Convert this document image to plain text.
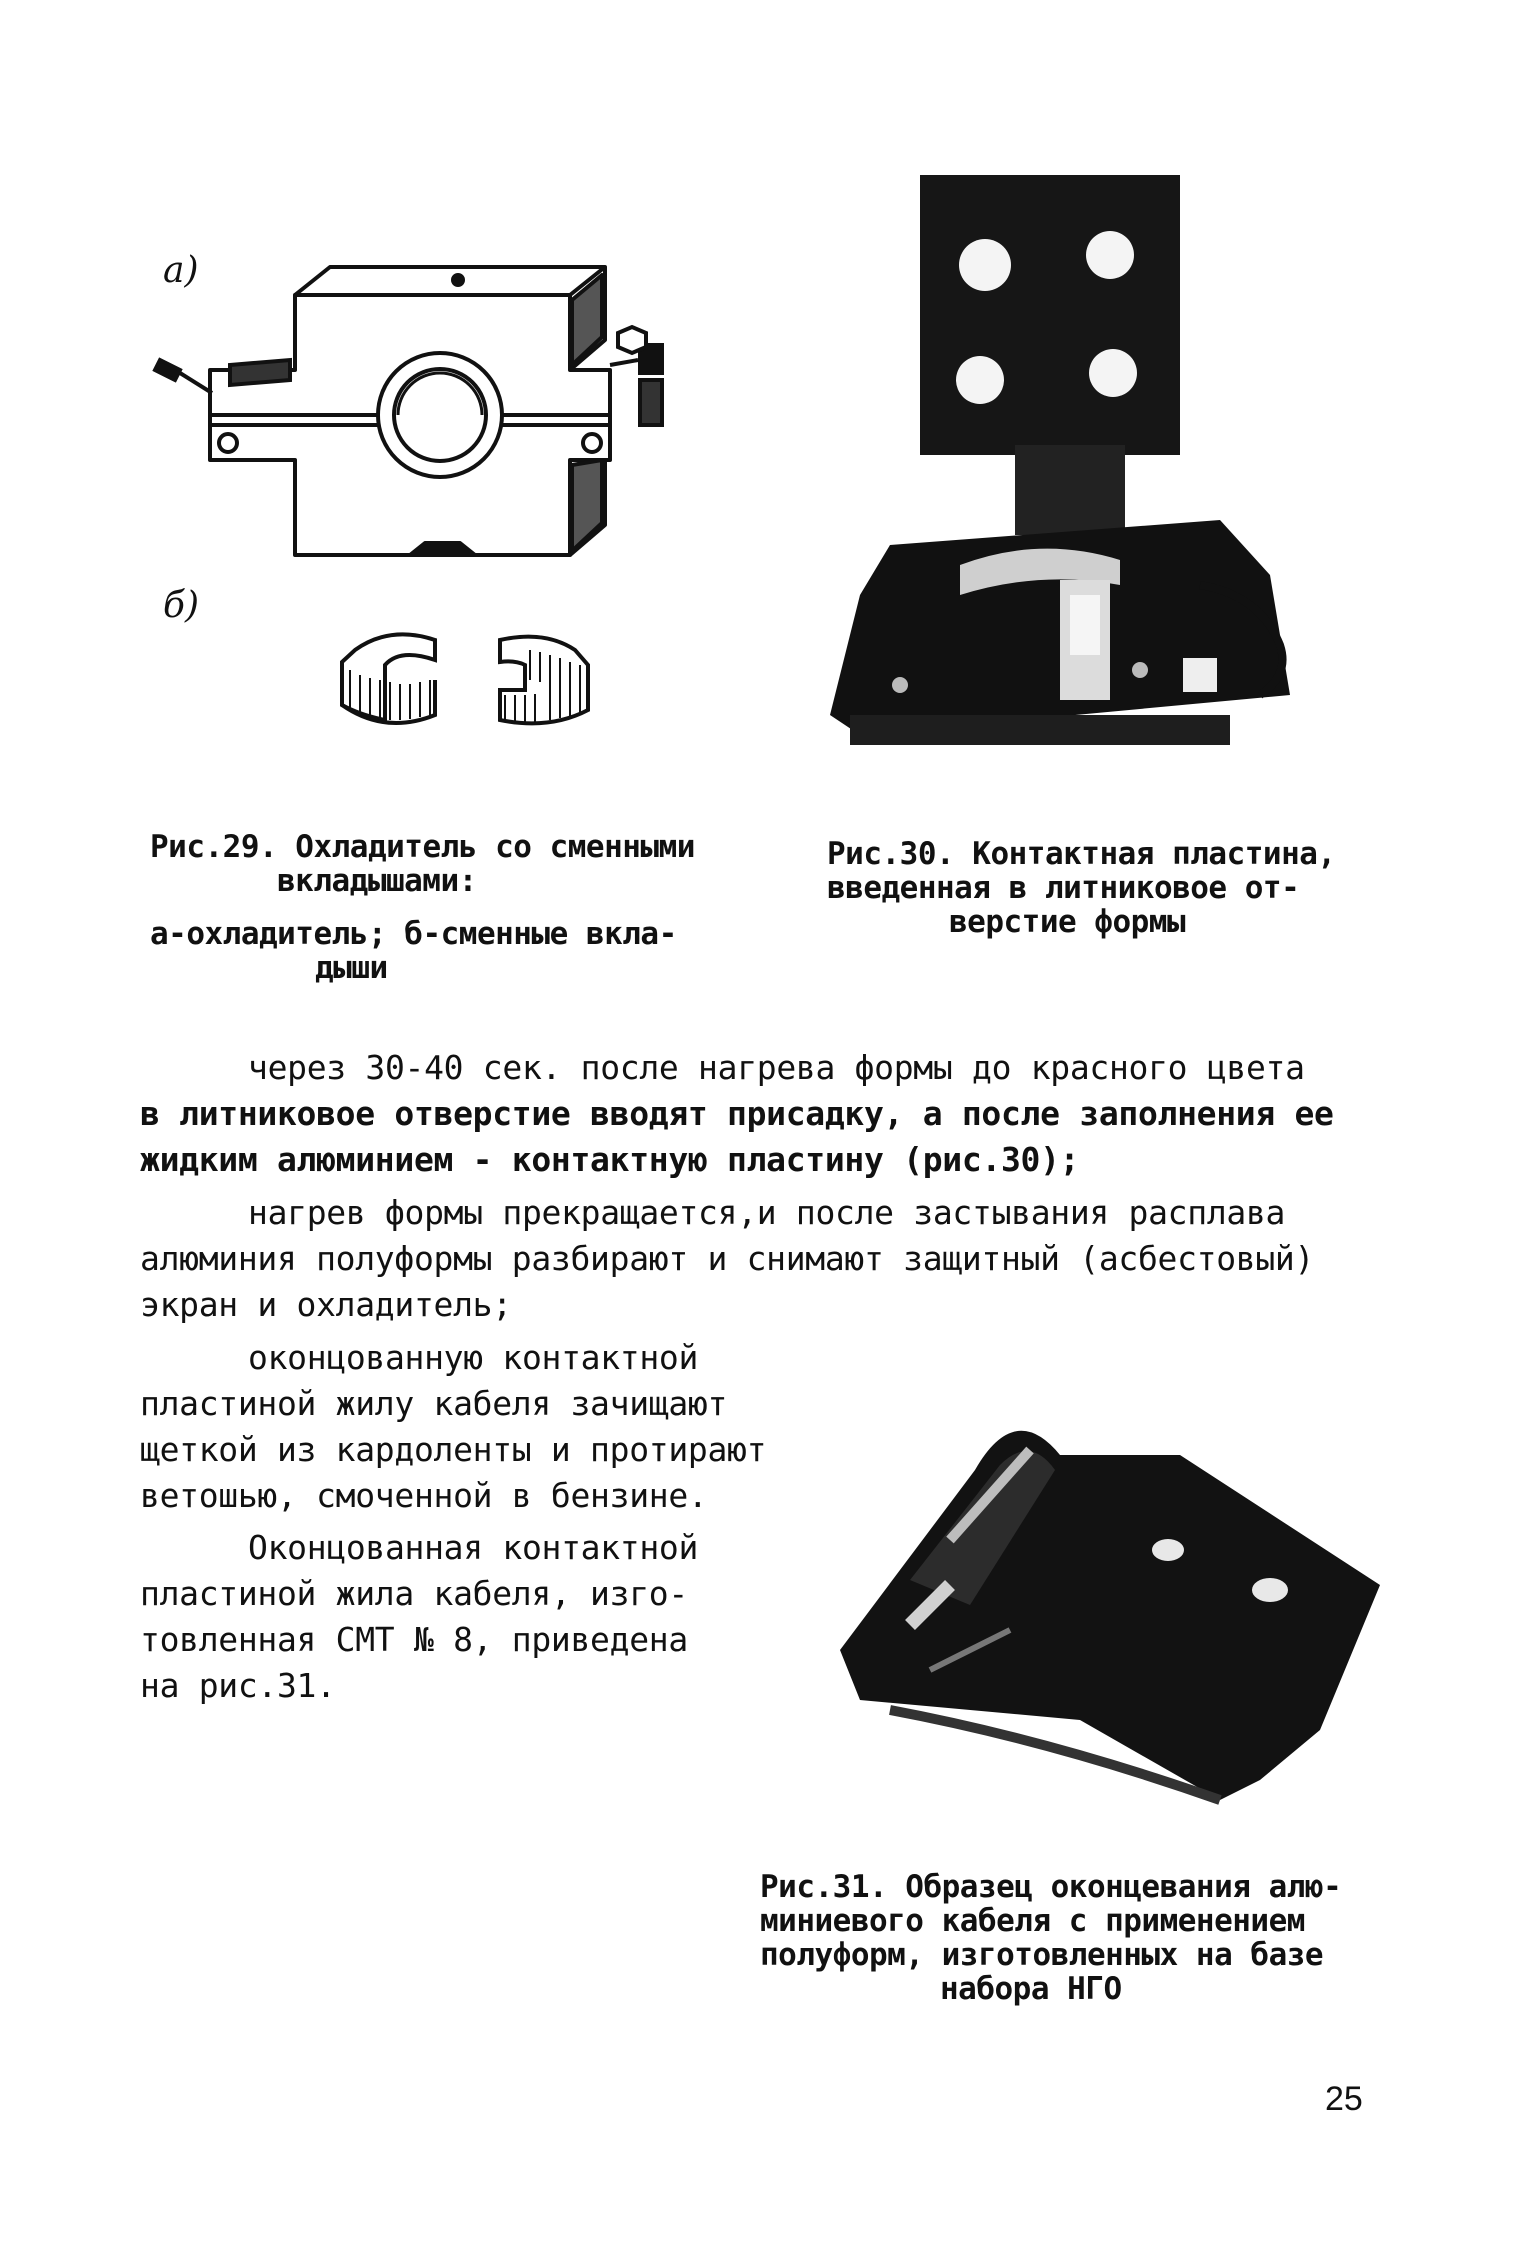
а)
б)
Рис.29. Охладитель со сменными
вкладышами:
а-охладитель; б-сменные вкла-
дыши
Рис.30. Контактная пластина,
введенная в литниковое от-
верстие формы
через 30-40 сек. после нагрева формы до красного цвета
в литниковое отверстие вводят присадку, а после заполнения ее
жидким алюминием - контактную пластину (рис.30);
нагрев формы прекращается,и после застывания расплава
алюминия полуформы разбирают и снимают защитный (асбестовый)
экран и охладитель;
оконцованную контактной
пластиной жилу кабеля зачищают
щеткой из кардоленты и протирают
ветошью, смоченной в бензине.
Оконцованная контактной
пластиной жила кабеля, изго-
товленная СМТ № 8, приведена
на рис.31.
Рис.31. Образец оконцевания алю-
миниевого кабеля с применением
полуформ, изготовленных на базе
набора НГО
25
